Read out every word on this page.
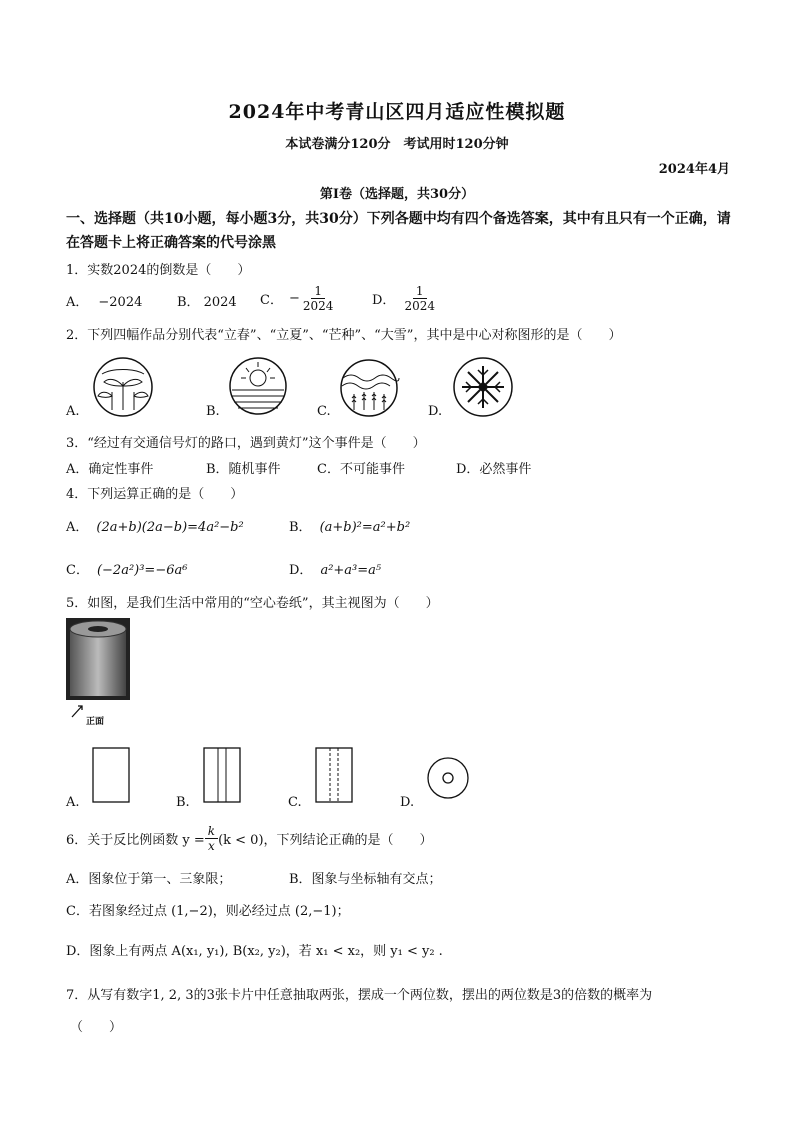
2024年中考青山区四月适应性模拟题
本试卷满分120分　考试用时120分钟
2024年4月
第Ⅰ卷（选择题，共30分）
一、选择题（共10小题，每小题3分，共30分）下列各题中均有四个备选答案，其中有且只有一个正确，请在答题卡上将正确答案的代号涂黑
1．实数2024的倒数是（　　）
A． −2024	B． 2024 C． − $\frac{1}{2024}$	D． $\frac{1}{2024}$
2．下列四幅作品分别代表“立春”、“立夏”、“芒种”、“大雪”，其中是中心对称图形的是（　　）
A.	B.	C.	D.
3．“经过有交通信号灯的路口，遇到黄灯”这个事件是（　　）
A．确定性事件	B．随机事件	C．不可能事件	D．必然事件
4．下列运算正确的是（　　）
A． (2a+b)(2a−b)=4a²−b²	B． (a+b)²=a²+b²
C． (−2a²)³=−6a⁶	D． a²+a³=a⁵
5．如图，是我们生活中常用的“空心卷纸”，其主视图为（　　）
正面
A.	B.	C.	D.
6．关于反比例函数 $y = \frac{k}{x} (k < 0)$，下列结论正确的是（　　）
A．图象位于第一、三象限；	B．图象与坐标轴有交点；
C．若图象经过点 (1,−2)，则必经过点 (2,−1)；
D．图象上有两点 A(x₁, y₁), B(x₂, y₂)，若 x₁ < x₂，则 y₁ < y₂ .
7．从写有数字1, 2, 3的3张卡片中任意抽取两张，摆成一个两位数，摆出的两位数是3的倍数的概率为
（　　）
